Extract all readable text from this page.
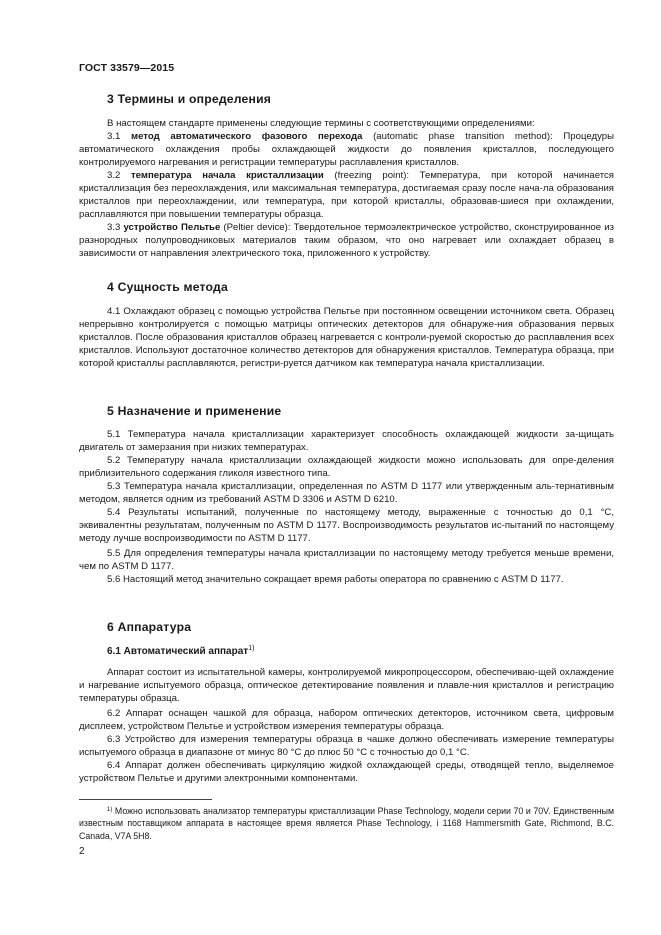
ГОСТ 33579—2015
3 Термины и определения
В настоящем стандарте применены следующие термины с соответствующими определениями:
3.1 метод автоматического фазового перехода (automatic phase transition method): Процедуры автоматического охлаждения пробы охлаждающей жидкости до появления кристаллов, последующего контролируемого нагревания и регистрации температуры расплавления кристаллов.
3.2 температура начала кристаллизации (freezing point): Температура, при которой начинается кристаллизация без переохлаждения, или максимальная температура, достигаемая сразу после нача-ла образования кристаллов при переохлаждении, или температура, при которой кристаллы, образовав-шиеся при охлаждении, расплавляются при повышении температуры образца.
3.3 устройство Пельтье (Peltier device): Твердотельное термоэлектрическое устройство, сконструированное из разнородных полупроводниковых материалов таким образом, что оно нагревает или охлаждает образец в зависимости от направления электрического тока, приложенного к устройству.
4 Сущность метода
4.1 Охлаждают образец с помощью устройства Пельтье при постоянном освещении источником света. Образец непрерывно контролируется с помощью матрицы оптических детекторов для обнаруже-ния образования первых кристаллов. После образования кристаллов образец нагревается с контроли-руемой скоростью до расплавления всех кристаллов. Используют достаточное количество детекторов для обнаружения кристаллов. Температура образца, при которой кристаллы расплавляются, регистри-руется датчиком как температура начала кристаллизации.
5 Назначение и применение
5.1 Температура начала кристаллизации характеризует способность охлаждающей жидкости за-щищать двигатель от замерзания при низких температурах.
5.2 Температуру начала кристаллизации охлаждающей жидкости можно использовать для опре-деления приблизительного содержания гликоля известного типа.
5.3 Температура начала кристаллизации, определенная по ASTM D 1177 или утвержденным аль-тернативным методом, является одним из требований ASTM D 3306 и ASTM D 6210.
5.4 Результаты испытаний, полученные по настоящему методу, выраженные с точностью до 0,1 °C, эквивалентны результатам, полученным по ASTM D 1177. Воспроизводимость результатов ис-пытаний по настоящему методу лучше воспроизводимости по ASTM D 1177.
5.5 Для определения температуры начала кристаллизации по настоящему методу требуется меньше времени, чем по ASTM D 1177.
5.6 Настоящий метод значительно сокращает время работы оператора по сравнению с ASTM D 1177.
6 Аппаратура
6.1 Автоматический аппарат$^{1)}$
Аппарат состоит из испытательной камеры, контролируемой микропроцессором, обеспечиваю-щей охлаждение и нагревание испытуемого образца, оптическое детектирование появления и плавле-ния кристаллов и регистрацию температуры образца.
6.2 Аппарат оснащен чашкой для образца, набором оптических детекторов, источником света, цифровым дисплеем, устройством Пельтье и устройством измерения температуры образца.
6.3 Устройство для измерения температуры образца в чашке должно обеспечивать измерение температуры испытуемого образца в диапазоне от минус 80 °C до плюс 50 °C с точностью до 0,1 °C.
6.4 Аппарат должен обеспечивать циркуляцию жидкой охлаждающей среды, отводящей тепло, выделяемое устройством Пельтье и другими электронными компонентами.
$^{1)}$ Можно использовать анализатор температуры кристаллизации Phase Technology, модели серии 70 и 70V. Единственным известным поставщиком аппарата в настоящее время является Phase Technology, i 1168 Hammersmith Gate, Richmond, B.C. Canada, V7A 5H8.
2
